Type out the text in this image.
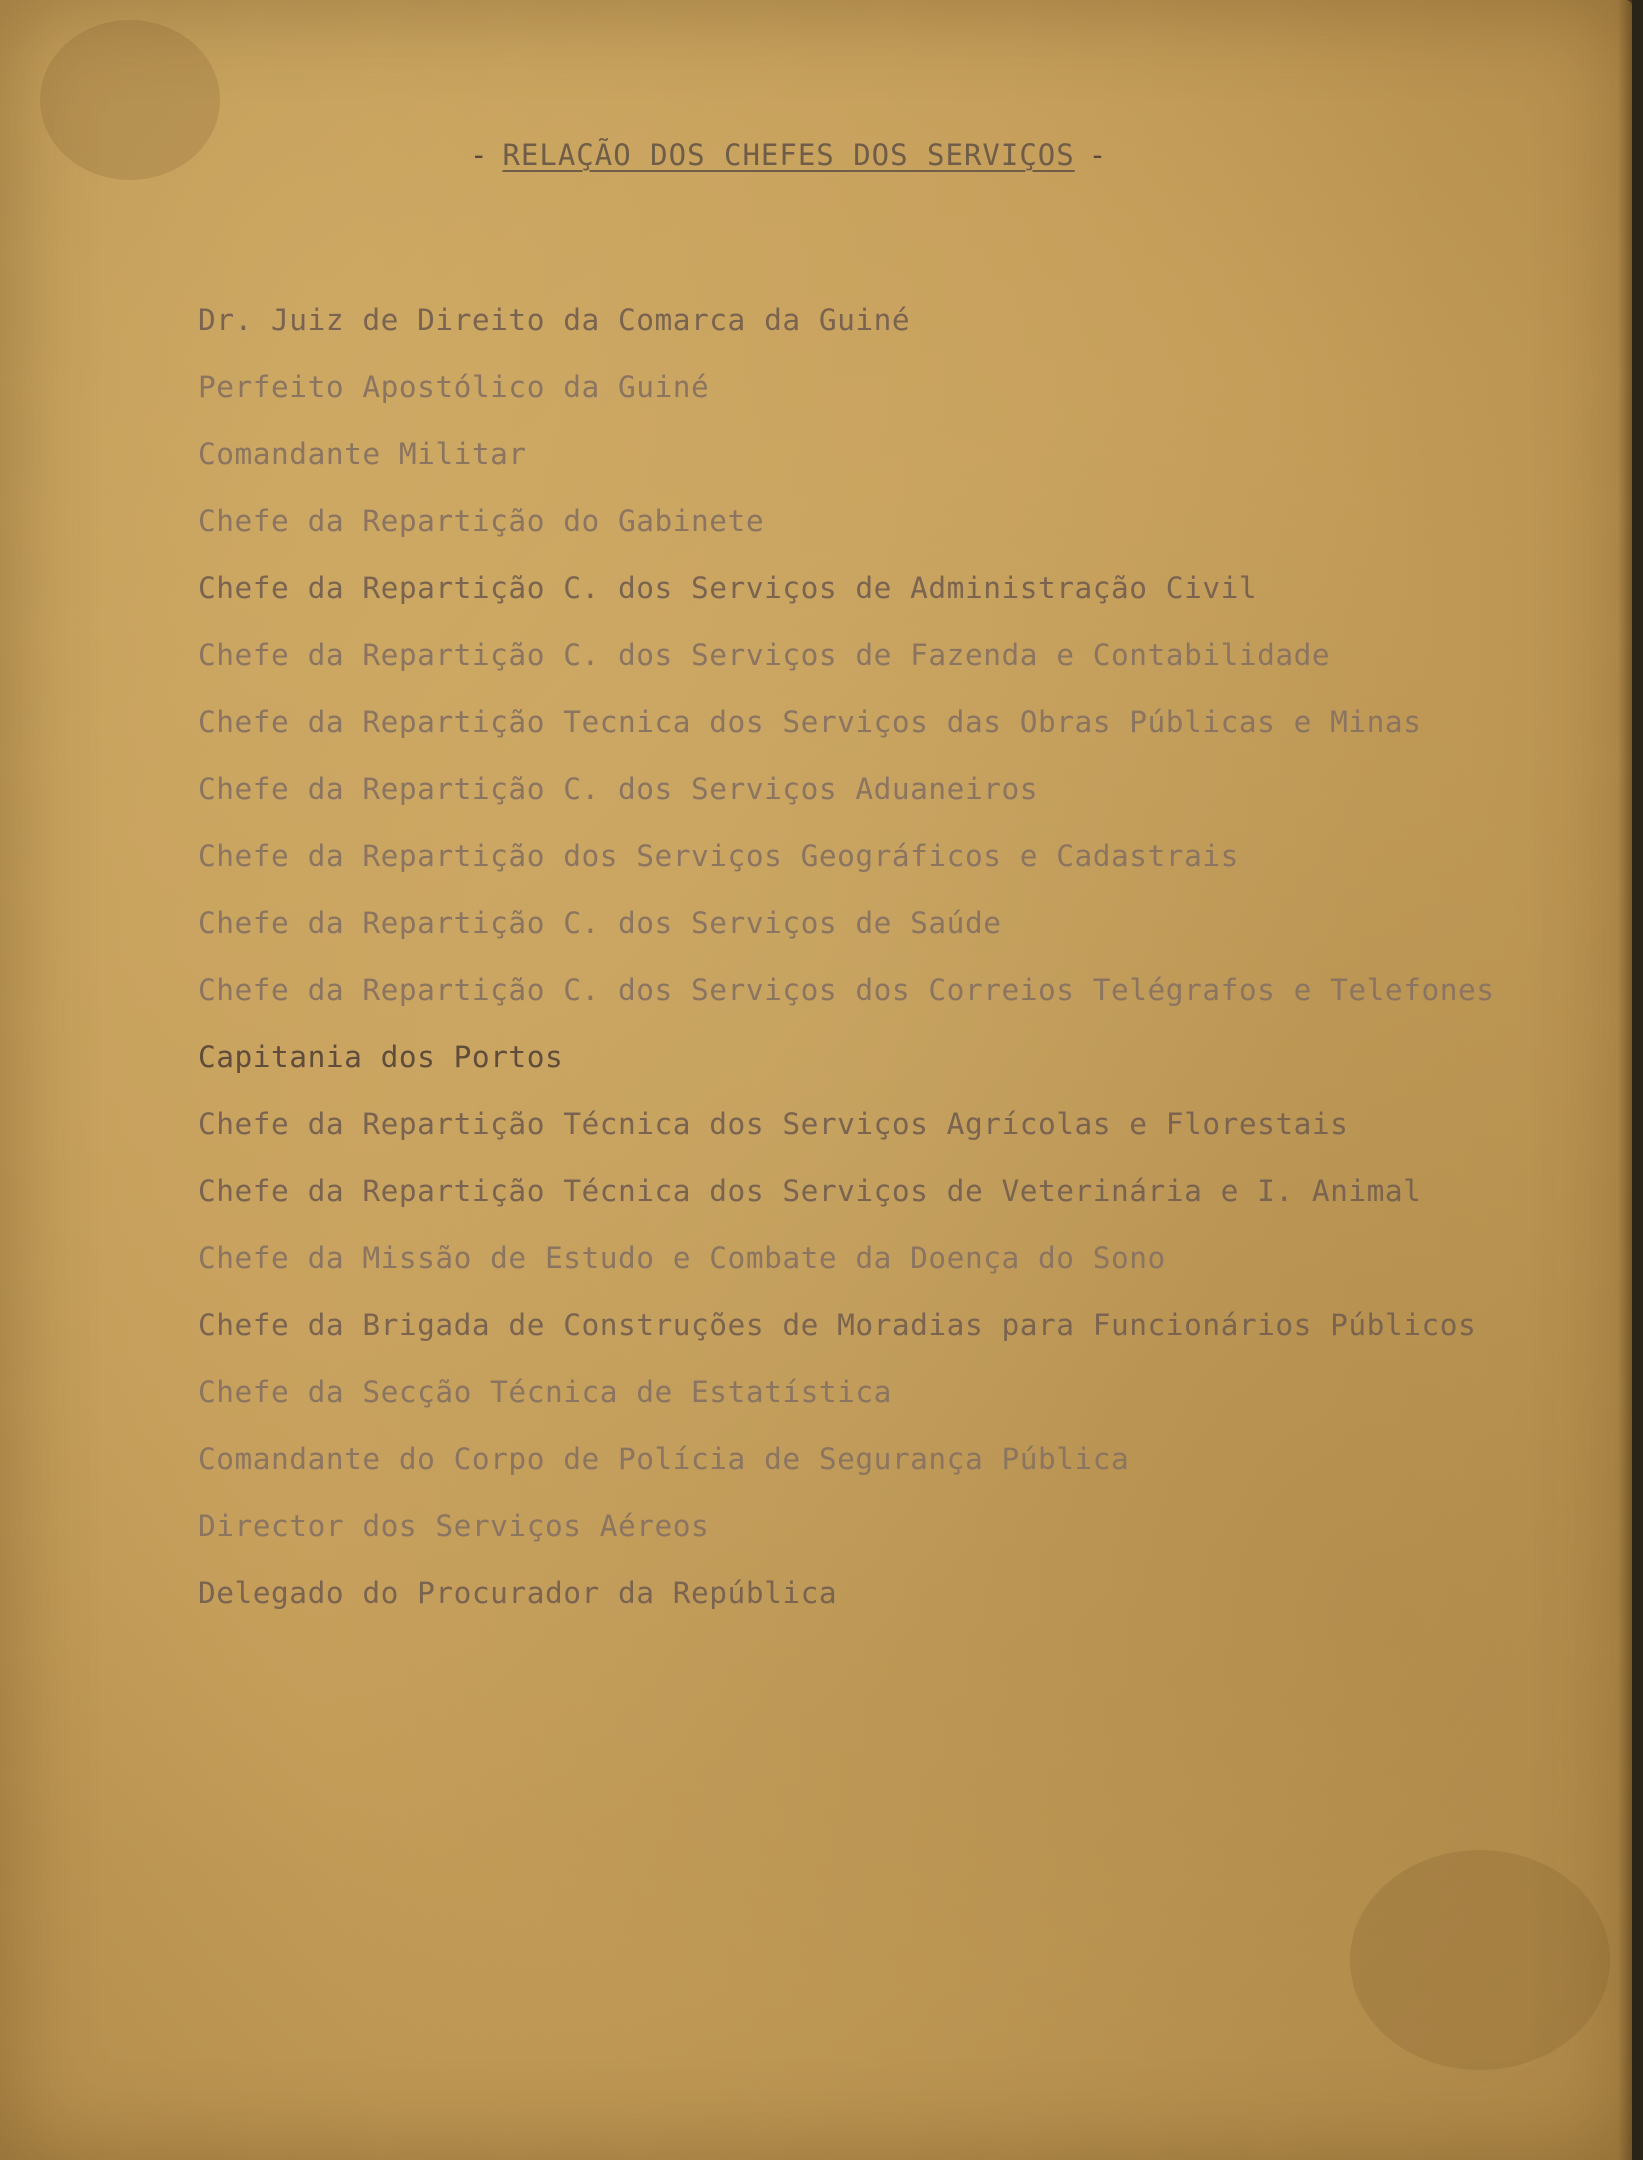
- RELAÇÃO DOS CHEFES DOS SERVIÇOS -
Dr. Juiz de Direito da Comarca da Guiné
Perfeito Apostólico da Guiné
Comandante Militar
Chefe da Repartição do Gabinete
Chefe da Repartição C. dos Serviços de Administração Civil
Chefe da Repartição C. dos Serviços de Fazenda e Contabilidade
Chefe da Repartição Tecnica dos Serviços das Obras Públicas e Minas
Chefe da Repartição C. dos Serviços Aduaneiros
Chefe da Repartição dos Serviços Geográficos e Cadastrais
Chefe da Repartição C. dos Serviços de Saúde
Chefe da Repartição C. dos Serviços dos Correios Telégrafos e Telefones
Capitania dos Portos
Chefe da Repartição Técnica dos Serviços Agrícolas e Florestais
Chefe da Repartição Técnica dos Serviços de Veterinária e I. Animal
Chefe da Missão de Estudo e Combate da Doença do Sono
Chefe da Brigada de Construções de Moradias para Funcionários Públicos
Chefe da Secção Técnica de Estatística
Comandante do Corpo de Polícia de Segurança Pública
Director dos Serviços Aéreos
Delegado do Procurador da República
